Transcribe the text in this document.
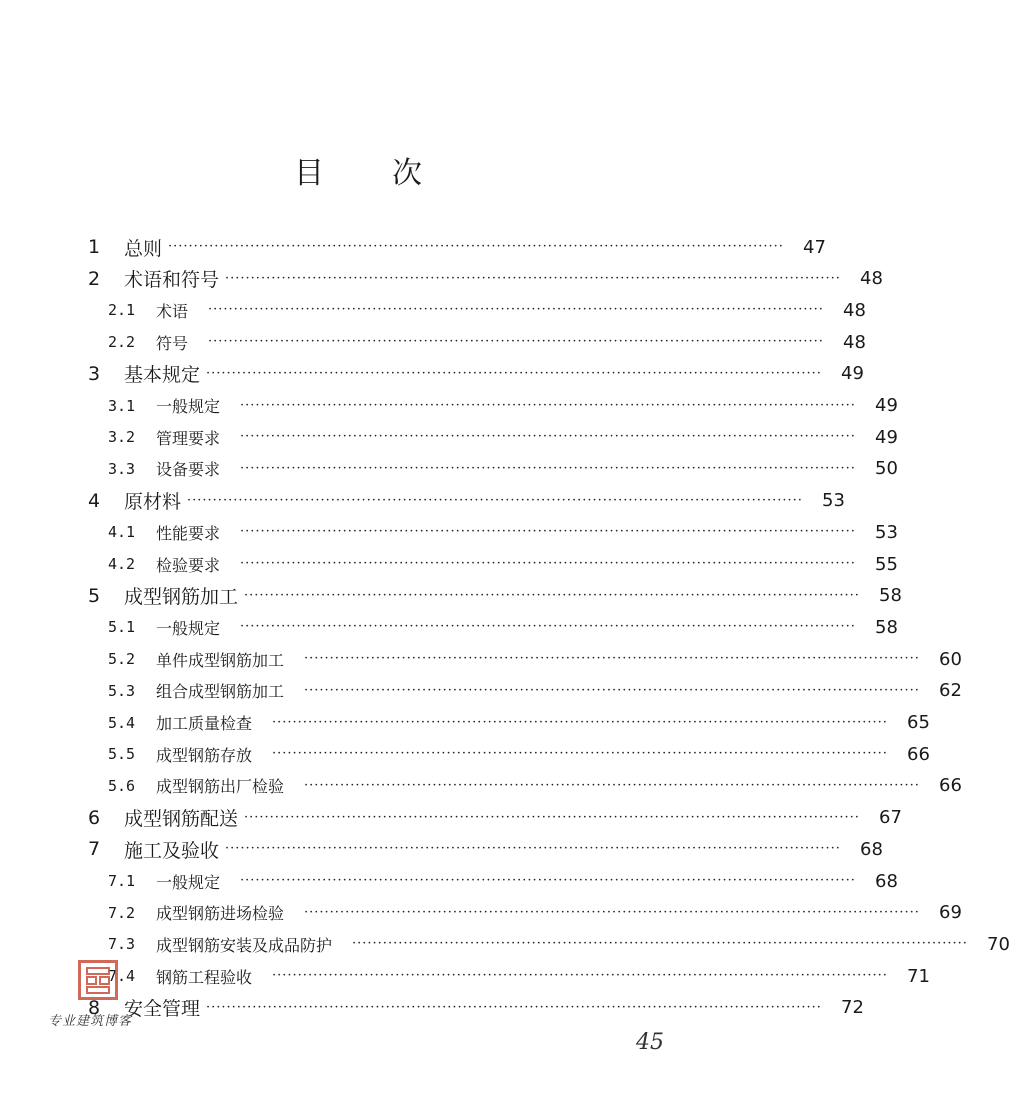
目 次
1	总则 ························································································································	47
2	术语和符号 ························································································································	48
2.1	术语 ························································································································	48
2.2	符号 ························································································································	48
3	基本规定 ························································································································	49
3.1	一般规定 ························································································································	49
3.2	管理要求 ························································································································	49
3.3	设备要求 ························································································································	50
4	原材料 ························································································································	53
4.1	性能要求 ························································································································	53
4.2	检验要求 ························································································································	55
5	成型钢筋加工 ························································································································	58
5.1	一般规定 ························································································································	58
5.2	单件成型钢筋加工 ························································································································	60
5.3	组合成型钢筋加工 ························································································································	62
5.4	加工质量检查 ························································································································	65
5.5	成型钢筋存放 ························································································································	66
5.6	成型钢筋出厂检验 ························································································································	66
6	成型钢筋配送 ························································································································	67
7	施工及验收 ························································································································	68
7.1	一般规定 ························································································································	68
7.2	成型钢筋进场检验 ························································································································	69
7.3	成型钢筋安装及成品防护 ························································································································	70
7.4	钢筋工程验收 ························································································································	71
8	安全管理 ························································································································	72
专业建筑博客
45
